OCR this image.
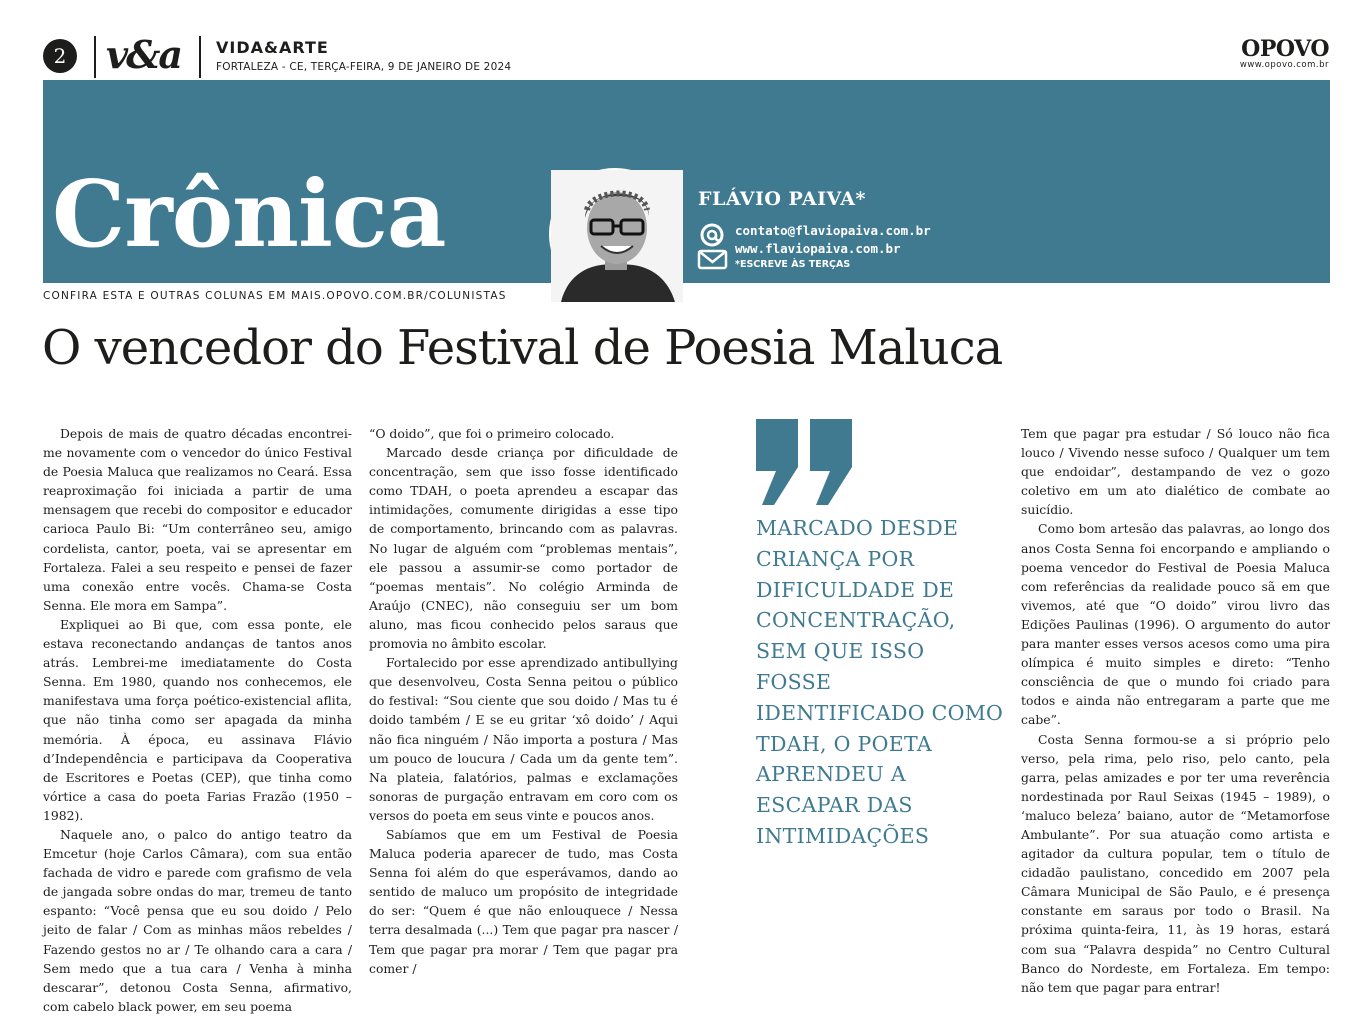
2 v&a VIDA&ARTE
FORTALEZA - CE, TERÇA-FEIRA, 9 DE JANEIRO DE 2024
OPOVO
www.opovo.com.br
Crônica	FLÁVIO PAIVA*
contato@flaviopaiva.com.br
www.flaviopaiva.com.br
*ESCREVE ÀS TERÇAS
CONFIRA ESTA E OUTRAS COLUNAS EM MAIS.OPOVO.COM.BR/COLUNISTAS
O vencedor do Festival de Poesia Maluca

Depois de mais de quatro décadas encontrei-me novamente com o vencedor do único Festival de Poesia Maluca que realizamos no Ceará. Essa reaproximação foi iniciada a partir de uma mensagem que recebi do compositor e educador carioca Paulo Bi: “Um conterrâneo seu, amigo cordelista, cantor, poeta, vai se apresentar em Fortaleza. Falei a seu respeito e pensei de fazer uma conexão entre vocês. Chama-se Costa Senna. Ele mora em Sampa”.

Expliquei ao Bi que, com essa ponte, ele estava reconectando andanças de tantos anos atrás. Lembrei-me imediatamente do Costa Senna. Em 1980, quando nos conhecemos, ele manifestava uma força poético-existencial aflita, que não tinha como ser apagada da minha memória. À época, eu assinava Flávio d’Independência e participava da Cooperativa de Escritores e Poetas (CEP), que tinha como vórtice a casa do poeta Farias Frazão (1950 – 1982).

Naquele ano, o palco do antigo teatro da Emcetur (hoje Carlos Câmara), com sua então fachada de vidro e parede com grafismo de vela de jangada sobre ondas do mar, tremeu de tanto espanto: “Você pensa que eu sou doido / Pelo jeito de falar / Com as minhas mãos rebeldes / Fazendo gestos no ar / Te olhando cara a cara / Sem medo que a tua cara / Venha à minha descarar”, detonou Costa Senna, afirmativo, com cabelo black power, em seu poema

“O doido”, que foi o primeiro colocado.

Marcado desde criança por dificuldade de concentração, sem que isso fosse identificado como TDAH, o poeta aprendeu a escapar das intimidações, comumente dirigidas a esse tipo de comportamento, brincando com as palavras. No lugar de alguém com “problemas mentais”, ele passou a assumir-se como portador de “poemas mentais”. No colégio Arminda de Araújo (CNEC), não conseguiu ser um bom aluno, mas ficou conhecido pelos saraus que promovia no âmbito escolar.

Fortalecido por esse aprendizado antibullying que desenvolveu, Costa Senna peitou o público do festival: “Sou ciente que sou doido / Mas tu é doido também / E se eu gritar ‘xô doido’ / Aqui não fica ninguém / Não importa a postura / Mas um pouco de loucura / Cada um da gente tem”. Na plateia, falatórios, palmas e exclamações sonoras de purgação entravam em coro com os versos do poeta em seus vinte e poucos anos.

Sabíamos que em um Festival de Poesia Maluca poderia aparecer de tudo, mas Costa Senna foi além do que esperávamos, dando ao sentido de maluco um propósito de integridade do ser: “Quem é que não enlouquece / Nessa terra desalmada (...) Tem que pagar pra nascer / Tem que pagar pra morar / Tem que pagar pra comer /

MARCADO DESDE CRIANÇA POR DIFICULDADE DE CONCENTRAÇÃO, SEM QUE ISSO FOSSE IDENTIFICADO COMO TDAH, O POETA APRENDEU A ESCAPAR DAS INTIMIDAÇÕES

Tem que pagar pra estudar / Só louco não fica louco / Vivendo nesse sufoco / Qualquer um tem que endoidar”, destampando de vez o gozo coletivo em um ato dialético de combate ao suicídio.

Como bom artesão das palavras, ao longo dos anos Costa Senna foi encorpando e ampliando o poema vencedor do Festival de Poesia Maluca com referências da realidade pouco sã em que vivemos, até que “O doido” virou livro das Edições Paulinas (1996). O argumento do autor para manter esses versos acesos como uma pira olímpica é muito simples e direto: “Tenho consciência de que o mundo foi criado para todos e ainda não entregaram a parte que me cabe”.

Costa Senna formou-se a si próprio pelo verso, pela rima, pelo riso, pelo canto, pela garra, pelas amizades e por ter uma reverência nordestinada por Raul Seixas (1945 – 1989), o ‘maluco beleza’ baiano, autor de “Metamorfose Ambulante”. Por sua atuação como artista e agitador da cultura popular, tem o título de cidadão paulistano, concedido em 2007 pela Câmara Municipal de São Paulo, e é presença constante em saraus por todo o Brasil. Na próxima quinta-feira, 11, às 19 horas, estará com sua “Palavra despida” no Centro Cultural Banco do Nordeste, em Fortaleza. Em tempo: não tem que pagar para entrar!
